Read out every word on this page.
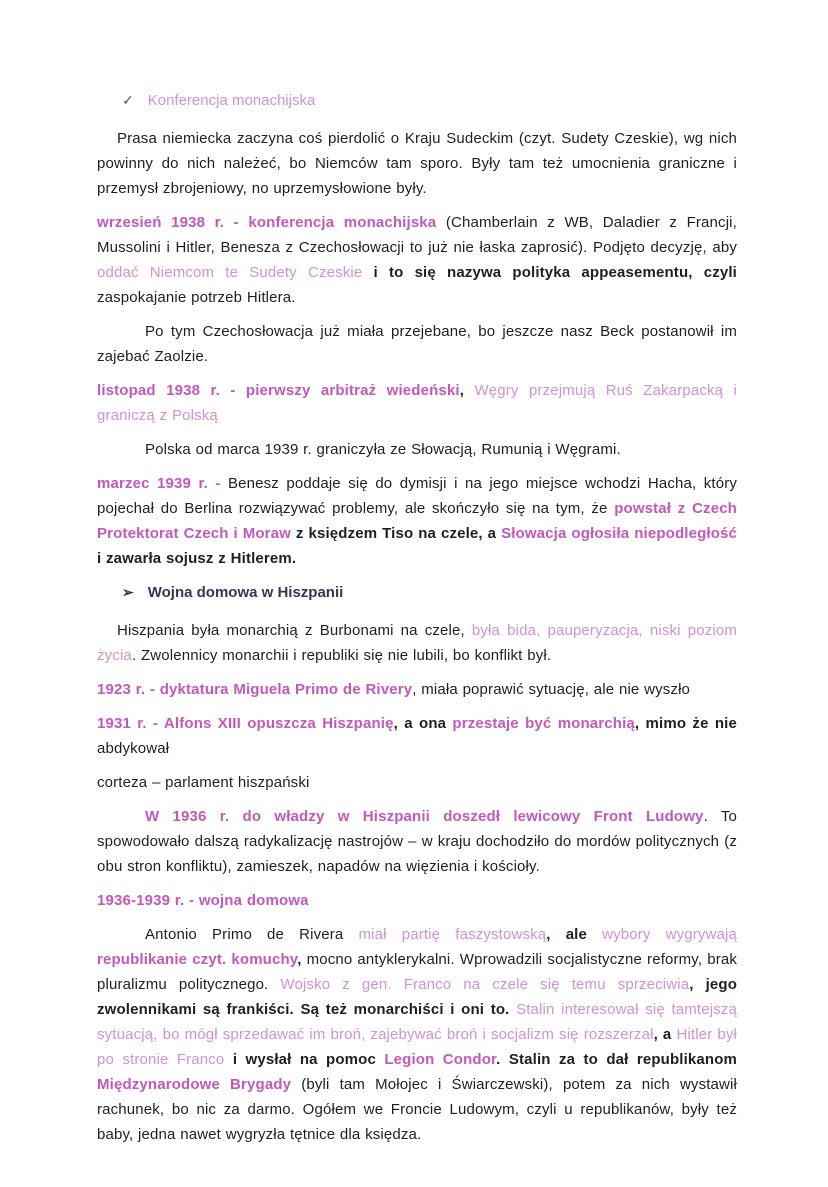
✓ Konferencja monachijska

Prasa niemiecka zaczyna coś pierdolić o Kraju Sudeckim (czyt. Sudety Czeskie), wg nich powinny do nich należeć, bo Niemców tam sporo. Były tam też umocnienia graniczne i przemysł zbrojeniowy, no uprzemysłowione były.

wrzesień 1938 r. - konferencja monachijska (Chamberlain z WB, Daladier z Francji, Mussolini i Hitler, Benesza z Czechosłowacji to już nie łaska zaprosić). Podjęto decyzję, aby oddać Niemcom te Sudety Czeskie i to się nazywa polityka appeasementu, czyli zaspokajanie potrzeb Hitlera.

Po tym Czechosłowacja już miała przejebane, bo jeszcze nasz Beck postanowił im zajebać Zaolzie.

listopad 1938 r. - pierwszy arbitraż wiedeński, Węgry przejmują Ruś Zakarpacką i graniczą z Polską

Polska od marca 1939 r. graniczyła ze Słowacją, Rumunią i Węgrami.

marzec 1939 r. - Benesz poddaje się do dymisji i na jego miejsce wchodzi Hacha, który pojechał do Berlina rozwiązywać problemy, ale skończyło się na tym, że powstał z Czech Protektorat Czech i Moraw z księdzem Tiso na czele, a Słowacja ogłosiła niepodległość i zawarła sojusz z Hitlerem.

➢ Wojna domowa w Hiszpanii

Hiszpania była monarchią z Burbonami na czele, była bida, pauperyzacja, niski poziom życia. Zwolennicy monarchii i republiki się nie lubili, bo konflikt był.

1923 r. - dyktatura Miguela Primo de Rivery, miała poprawić sytuację, ale nie wyszło

1931 r. - Alfons XIII opuszcza Hiszpanię, a ona przestaje być monarchią, mimo że nie abdykował

corteza – parlament hiszpański

W 1936 r. do władzy w Hiszpanii doszedł lewicowy Front Ludowy. To spowodowało dalszą radykalizację nastrojów – w kraju dochodziło do mordów politycznych (z obu stron konfliktu), zamieszek, napadów na więzienia i kościoły.

1936-1939 r. - wojna domowa

Antonio Primo de Rivera miał partię faszystowską, ale wybory wygrywają republikanie czyt. komuchy, mocno antyklerykalni. Wprowadzili socjalistyczne reformy, brak pluralizmu politycznego. Wojsko z gen. Franco na czele się temu sprzeciwia, jego zwolennikami są frankiści. Są też monarchiści i oni to. Stalin interesował się tamtejszą sytuacją, bo mógł sprzedawać im broń, zajebywać broń i socjalizm się rozszerzał, a Hitler był po stronie Franco i wysłał na pomoc Legion Condor. Stalin za to dał republikanom Międzynarodowe Brygady (byli tam Mołojec i Świarczewski), potem za nich wystawił rachunek, bo nic za darmo. Ogółem we Froncie Ludowym, czyli u republikanów, były też baby, jedna nawet wygryzła tętnice dla księdza.
